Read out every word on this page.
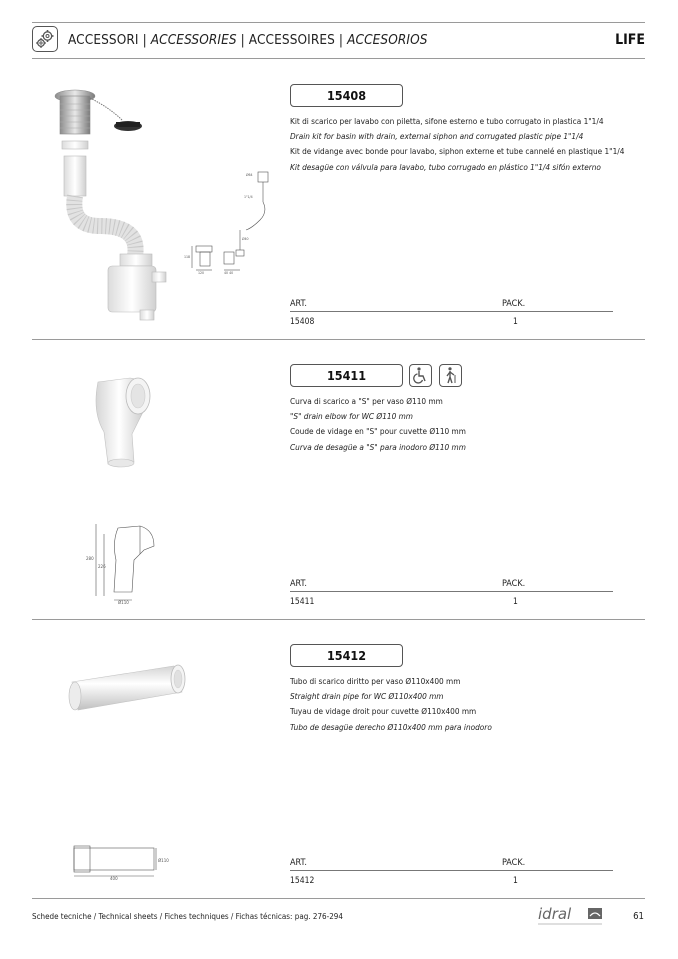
ACCESSORI | ACCESSORIES | ACCESSOIRES | ACCESORIOS	LIFE
15408
Kit di scarico per lavabo con piletta, sifone esterno e tubo corrugato in plastica 1"1/4
Drain kit for basin with drain, external siphon and corrugated plastic pipe 1"1/4
Kit de vidange avec bonde pour lavabo, siphon externe et tube cannelé en plastique 1"1/4
Kit desagüe con válvula para lavabo, tubo corrugado en plástico 1"1/4 sifón externo
Ø64
1"1/4
Ø40
118
120	40 40
ART.	PACK.
15408	1
15411
Curva di scarico a "S" per vaso Ø110 mm
"S" drain elbow for WC Ø110 mm
Coude de vidage en "S" pour cuvette Ø110 mm
Curva de desagüe a "S" para inodoro Ø110 mm
280
226
Ø110
ART.	PACK.
15411	1
15412
Tubo di scarico diritto per vaso Ø110x400 mm
Straight drain pipe for WC Ø110x400 mm
Tuyau de vidage droit pour cuvette Ø110x400 mm
Tubo de desagüe derecho Ø110x400 mm para inodoro
400
Ø110	ART.	PACK.
15412	1
Schede tecniche / Technical sheets / Fiches techniques / Fichas técnicas: pag. 276-294	idral	61
